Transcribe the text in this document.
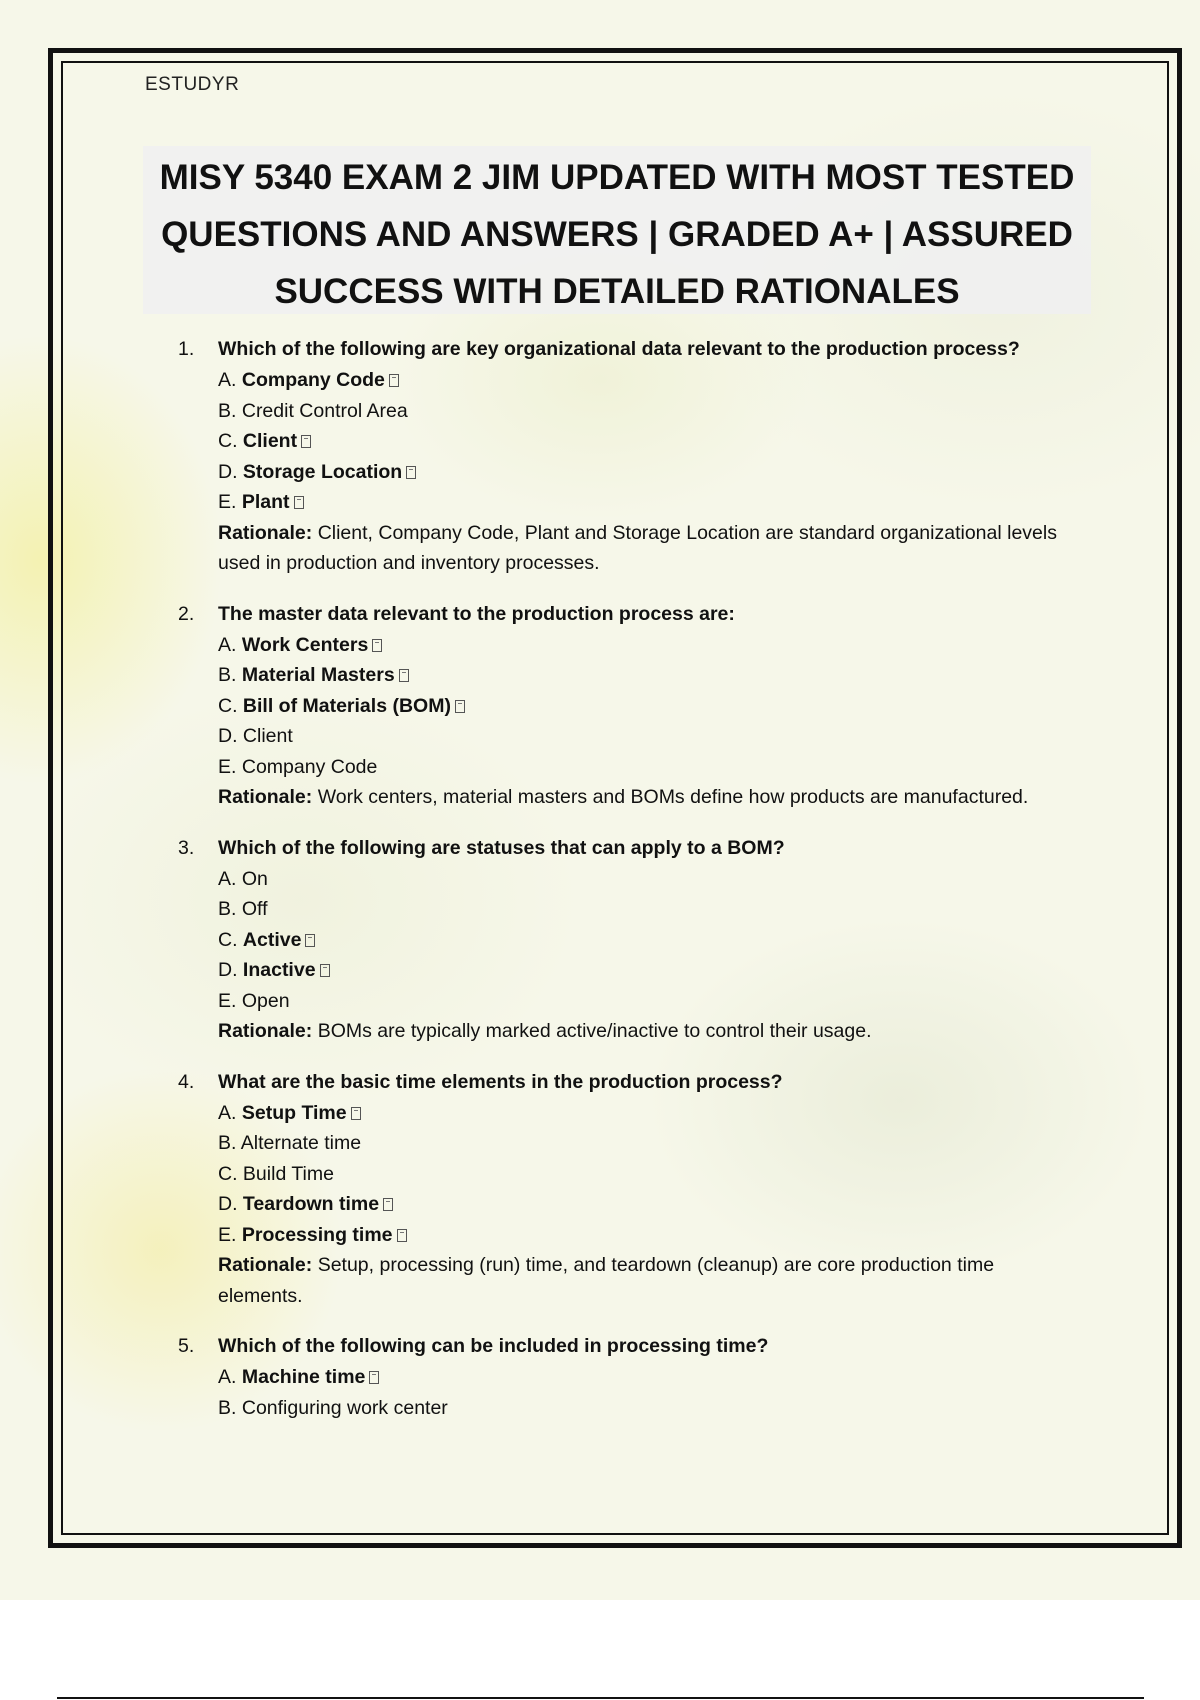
ESTUDYR
MISY 5340 EXAM 2 JIM UPDATED WITH MOST TESTED
QUESTIONS AND ANSWERS | GRADED A+ | ASSURED
SUCCESS WITH DETAILED RATIONALES
1.	Which of the following are key organizational data relevant to the production process?
A. Company Code
B. Credit Control Area
C. Client
D. Storage Location
E. Plant
Rationale: Client, Company Code, Plant and Storage Location are standard organizational levels
used in production and inventory processes.
2.	The master data relevant to the production process are:
A. Work Centers
B. Material Masters
C. Bill of Materials (BOM)
D. Client
E. Company Code
Rationale: Work centers, material masters and BOMs define how products are manufactured.
3.	Which of the following are statuses that can apply to a BOM?
A. On
B. Off
C. Active
D. Inactive
E. Open
Rationale: BOMs are typically marked active/inactive to control their usage.
4.	What are the basic time elements in the production process?
A. Setup Time
B. Alternate time
C. Build Time
D. Teardown time
E. Processing time
Rationale: Setup, processing (run) time, and teardown (cleanup) are core production time
elements.
5.	Which of the following can be included in processing time?
A. Machine time
B. Configuring work center
